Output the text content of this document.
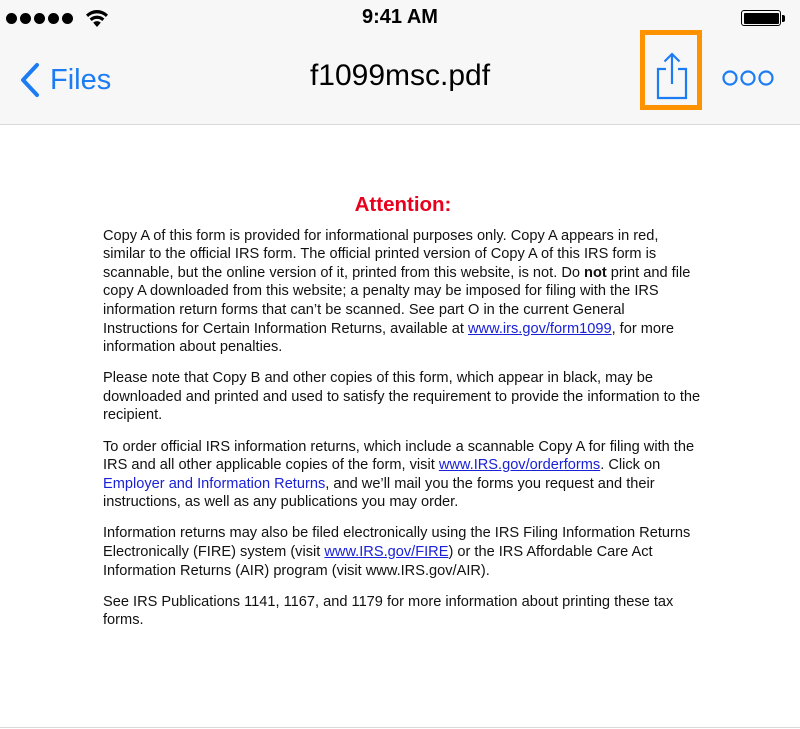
9:41 AM
Files	f1099msc.pdf
Attention:

Copy A of this form is provided for informational purposes only. Copy A appears in red, similar to the official IRS form. The official printed version of Copy A of this IRS form is scannable, but the online version of it, printed from this website, is not. Do not print and file copy A downloaded from this website; a penalty may be imposed for filing with the IRS information return forms that can’t be scanned. See part O in the current General Instructions for Certain Information Returns, available at www.irs.gov/form1099, for more information about penalties.

Please note that Copy B and other copies of this form, which appear in black, may be downloaded and printed and used to satisfy the requirement to provide the information to the recipient.

To order official IRS information returns, which include a scannable Copy A for filing with the IRS and all other applicable copies of the form, visit www.IRS.gov/orderforms. Click on Employer and Information Returns, and we’ll mail you the forms you request and their instructions, as well as any publications you may order.

Information returns may also be filed electronically using the IRS Filing Information Returns Electronically (FIRE) system (visit www.IRS.gov/FIRE) or the IRS Affordable Care Act Information Returns (AIR) program (visit www.IRS.gov/AIR).

See IRS Publications 1141, 1167, and 1179 for more information about printing these tax forms.
